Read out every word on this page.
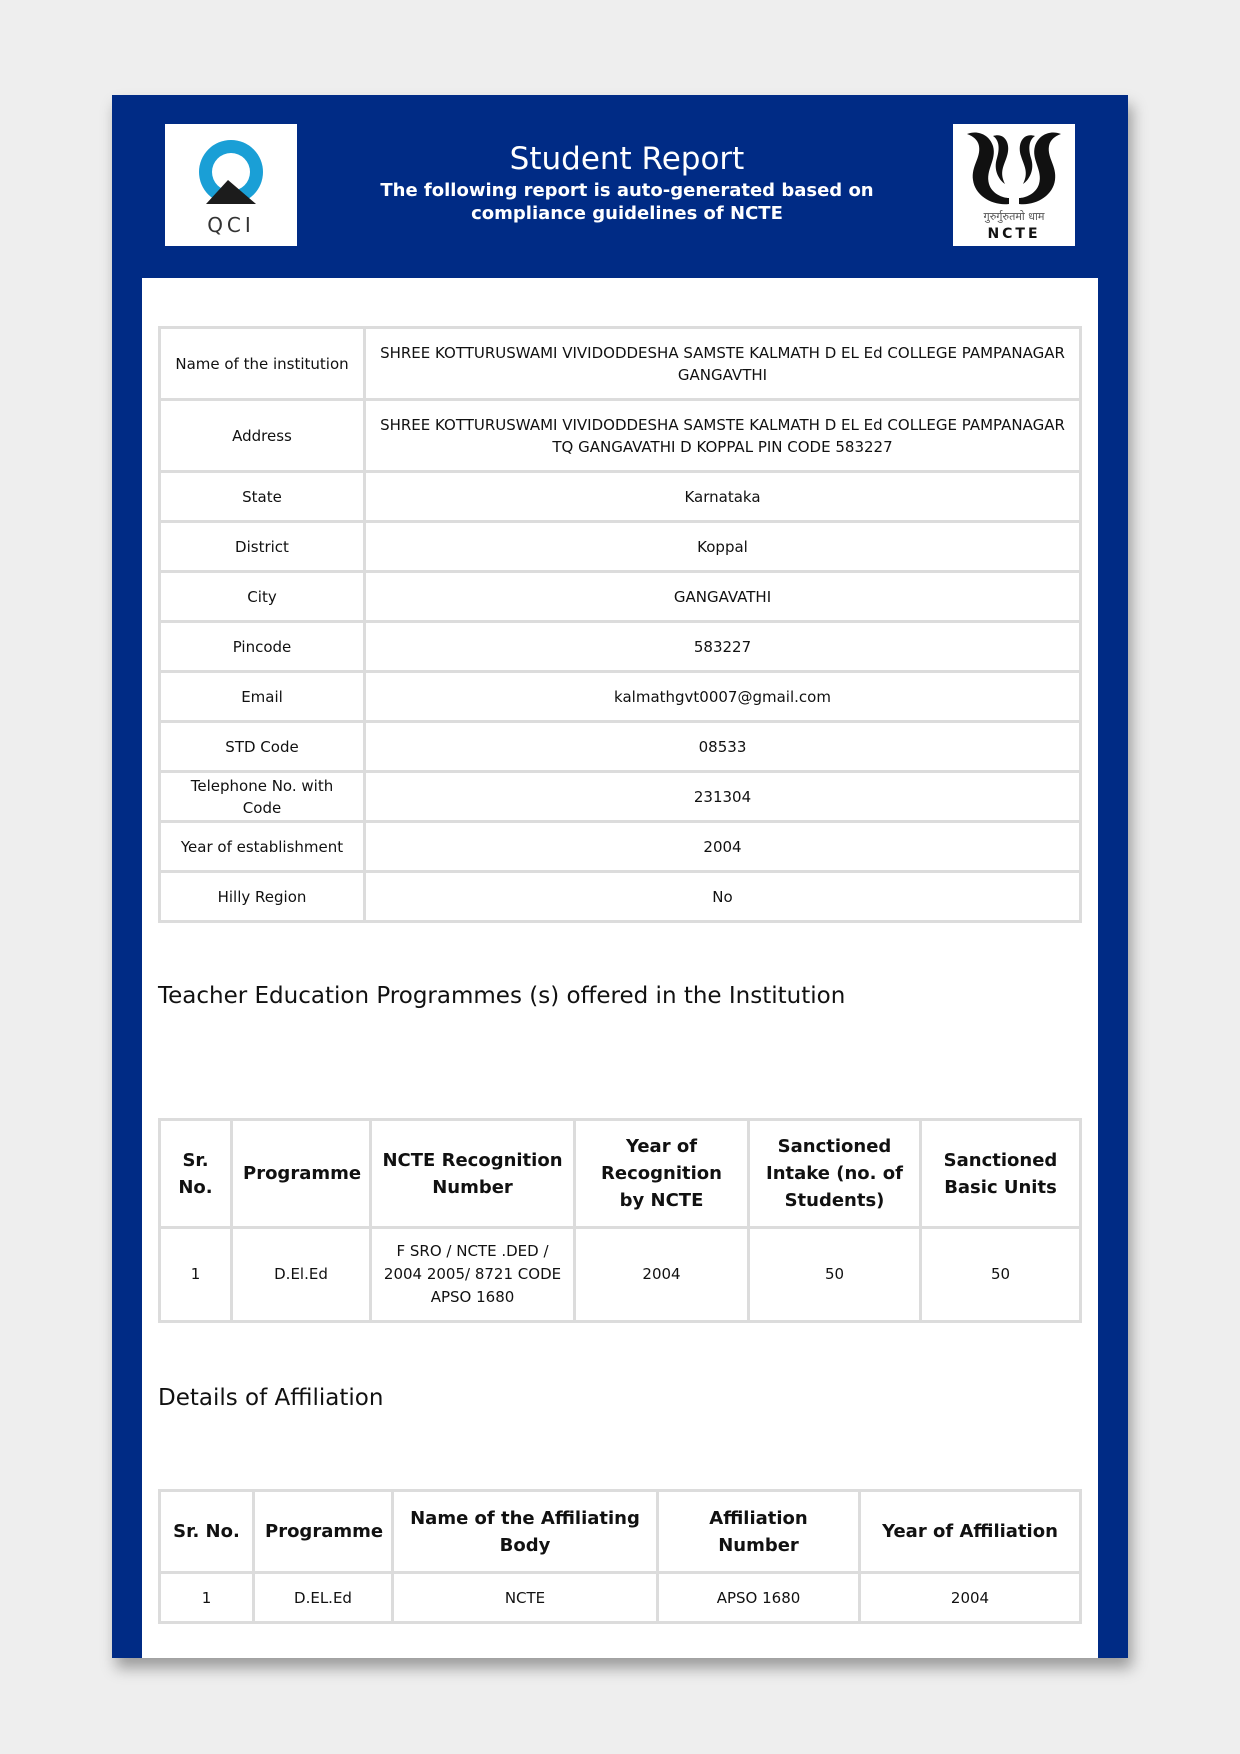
QCI
Student Report
The following report is auto-generated based on compliance guidelines of NCTE	गुरुर्गुरुतमो धाम
NCTE
Name of the institution	SHREE KOTTURUSWAMI VIVIDODDESHA SAMSTE KALMATH D EL Ed COLLEGE PAMPANAGAR GANGAVTHI
Address	SHREE KOTTURUSWAMI VIVIDODDESHA SAMSTE KALMATH D EL Ed COLLEGE PAMPANAGAR TQ GANGAVATHI D KOPPAL PIN CODE 583227
State	Karnataka
District	Koppal
City	GANGAVATHI
Pincode	583227
Email	kalmathgvt0007@gmail.com
STD Code	08533
Telephone No. with Code	231304
Year of establishment	2004
Hilly Region	No
Teacher Education Programmes (s) offered in the Institution
Sr. No.	Programme	NCTE Recognition Number	Year of Recognition by NCTE	Sanctioned Intake (no. of Students)	Sanctioned Basic Units
1	D.El.Ed	F SRO / NCTE .DED / 2004 2005/ 8721 CODE APSO 1680	2004	50	50
Details of Affiliation
Sr. No.	Programme	Name of the Affiliating Body	Affiliation Number	Year of Affiliation
1	D.EL.Ed	NCTE	APSO 1680	2004
